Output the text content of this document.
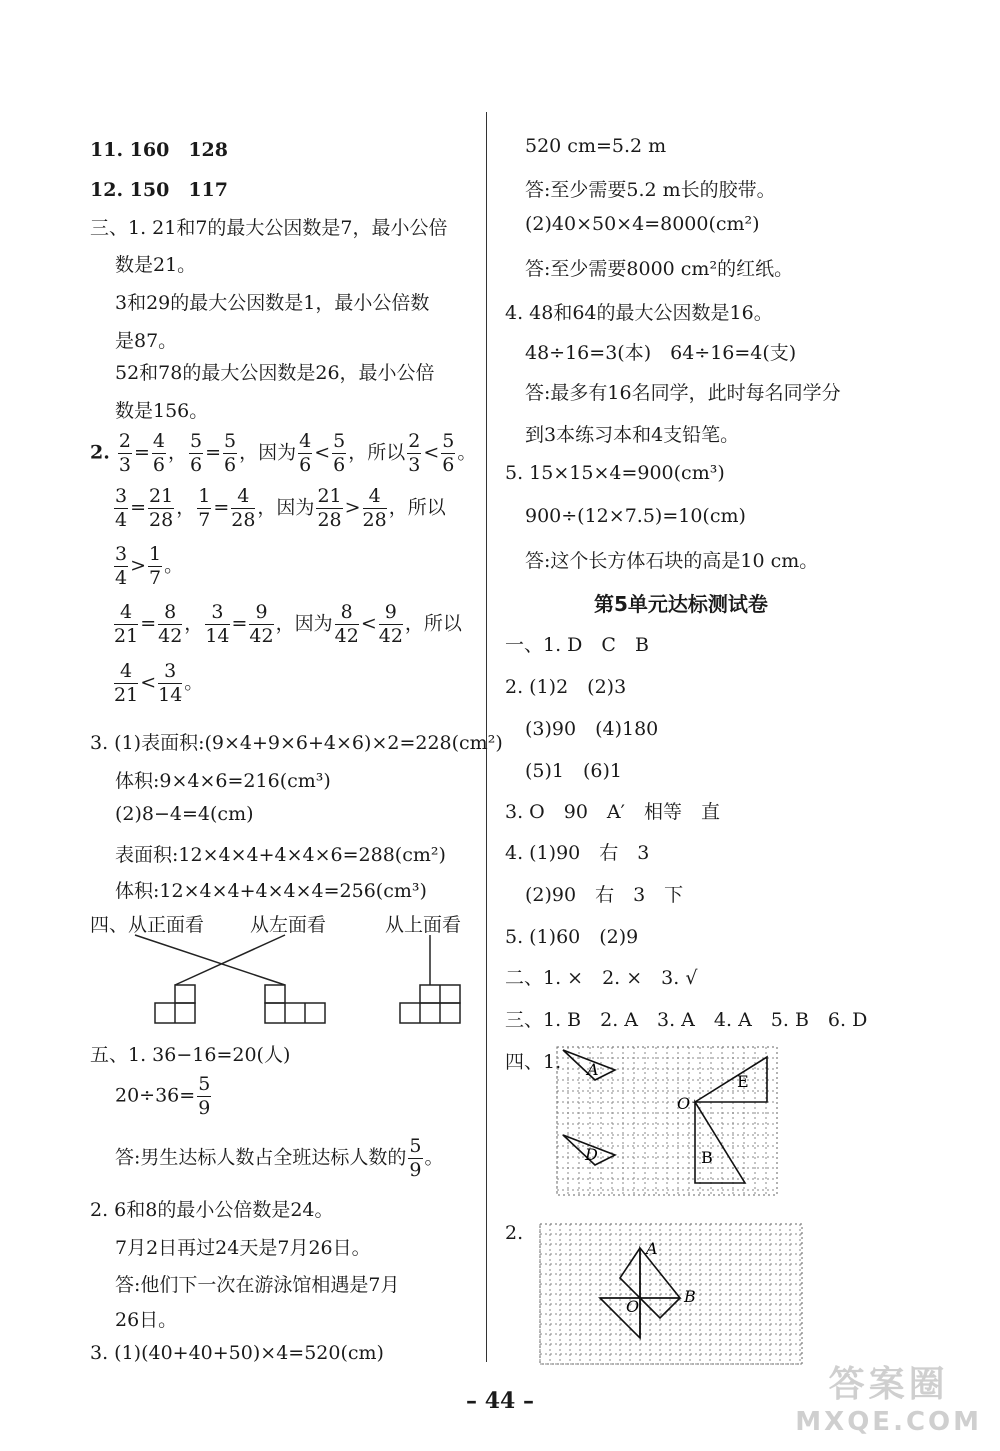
11. 160　128
12. 150　117
三、1. 21和7的最大公因数是7，最小公倍
数是21。
3和29的最大公因数是1，最小公倍数
是87。
52和78的最大公因数是26，最小公倍
数是156。
2. $\frac{2}{3} = \frac{4}{6}$ ， $\frac{5}{6} = \frac{5}{6}$ ，因为 $\frac{4}{6} < \frac{5}{6}$ ，所以 $\frac{2}{3} < \frac{5}{6}$ 。
$\frac{3}{4} = \frac{21}{28}$ ， $\frac{1}{7} = \frac{4}{28}$ ，因为 $\frac{21}{28} > \frac{4}{28}$ ，所以
$\frac{3}{4} > \frac{1}{7}$ 。
$\frac{4}{21} = \frac{8}{42}$ ， $\frac{3}{14} = \frac{9}{42}$ ，因为 $\frac{8}{42} < \frac{9}{42}$ ，所以
$\frac{4}{21} < \frac{3}{14}$ 。
3. (1)表面积:(9×4+9×6+4×6)×2=228(cm²)
体积:9×4×6=216(cm³)
(2)8−4=4(cm)
表面积:12×4×4+4×4×6=288(cm²)
体积:12×4×4+4×4×4=256(cm³)
四、从正面看 从左面看	从上面看
五、1. 36−16=20(人)
$20\div 36= \frac{5}{9}$
答:男生达标人数占全班达标人数的 $\frac{5}{9}$ 。
2. 6和8的最小公倍数是24。
7月2日再过24天是7月26日。
答:他们下一次在游泳馆相遇是7月
26日。
3. (1)(40+40+50)×4=520(cm)
520 cm=5.2 m
答:至少需要5.2 m长的胶带。
(2)40×50×4=8000(cm²)
答:至少需要8000 cm²的红纸。
4. 48和64的最大公因数是16。
48÷16=3(本)　64÷16=4(支)
答:最多有16名同学，此时每名同学分
到3本练习本和4支铅笔。
5. 15×15×4=900(cm³)
900÷(12×7.5)=10(cm)
答:这个长方体石块的高是10 cm。
第5单元达标测试卷
一、1. D　C　B
2. (1)2　(2)3
(3)90　(4)180
(5)1　(6)1
3. O　90　A′　相等　直
4. (1)90　右　3
(2)90　右　3　下
5. (1)60　(2)9
二、1. ×　2. ×　3. √
三、1. B　2. A　3. A　4. A　5. B　6. D
四、1.
2.
A
E
O
B
D
A
O
B
– 44 –	答案圈
MXQE.COM
